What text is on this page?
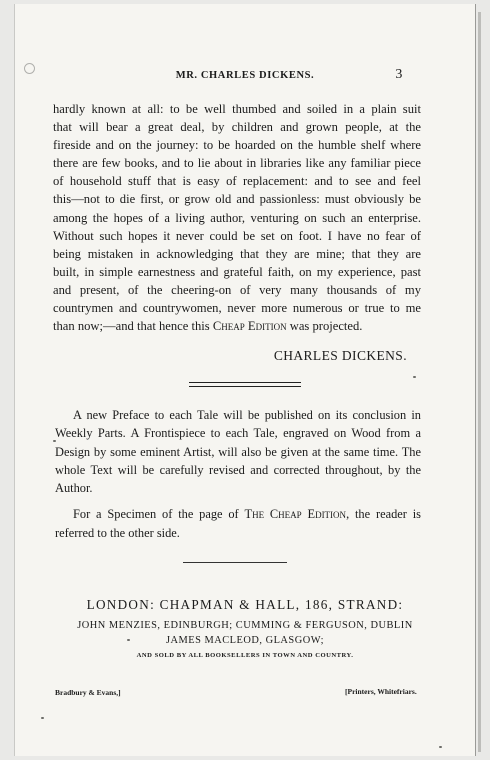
MR. CHARLES DICKENS.	3
hardly known at all: to be well thumbed and soiled in a plain suit
that will bear a great deal, by children and grown people, at the
fireside and on the journey: to be hoarded on the humble shelf where
there are few books, and to lie about in libraries like any familiar piece
of household stuff that is easy of replacement: and to see and feel
this—not to die first, or grow old and passionless: must obviously be
among the hopes of a living author, venturing on such an enterprise.
Without such hopes it never could be set on foot. I have no fear of
being mistaken in acknowledging that they are mine; that they are
built, in simple earnestness and grateful faith, on my experience, past
and present, of the cheering-on of very many thousands of my
countrymen and countrywomen, never more numerous or true to me
than now;—and that hence this Cheap Edition was projected.
CHARLES DICKENS.

A new Preface to each Tale will be published on its conclusion in Weekly Parts. A Frontispiece to each Tale, engraved on Wood from a Design by some eminent Artist, will also be given at the same time. The whole Text will be carefully revised and corrected throughout, by the Author.

For a Specimen of the page of The Cheap Edition, the reader is referred to the other side.

LONDON: CHAPMAN & HALL, 186, STRAND:
JOHN MENZIES, EDINBURGH; CUMMING & FERGUSON, DUBLIN
JAMES MACLEOD, GLASGOW;
AND SOLD BY ALL BOOKSELLERS IN TOWN AND COUNTRY.
Bradbury & Evans,]	[Printers, Whitefriars.
